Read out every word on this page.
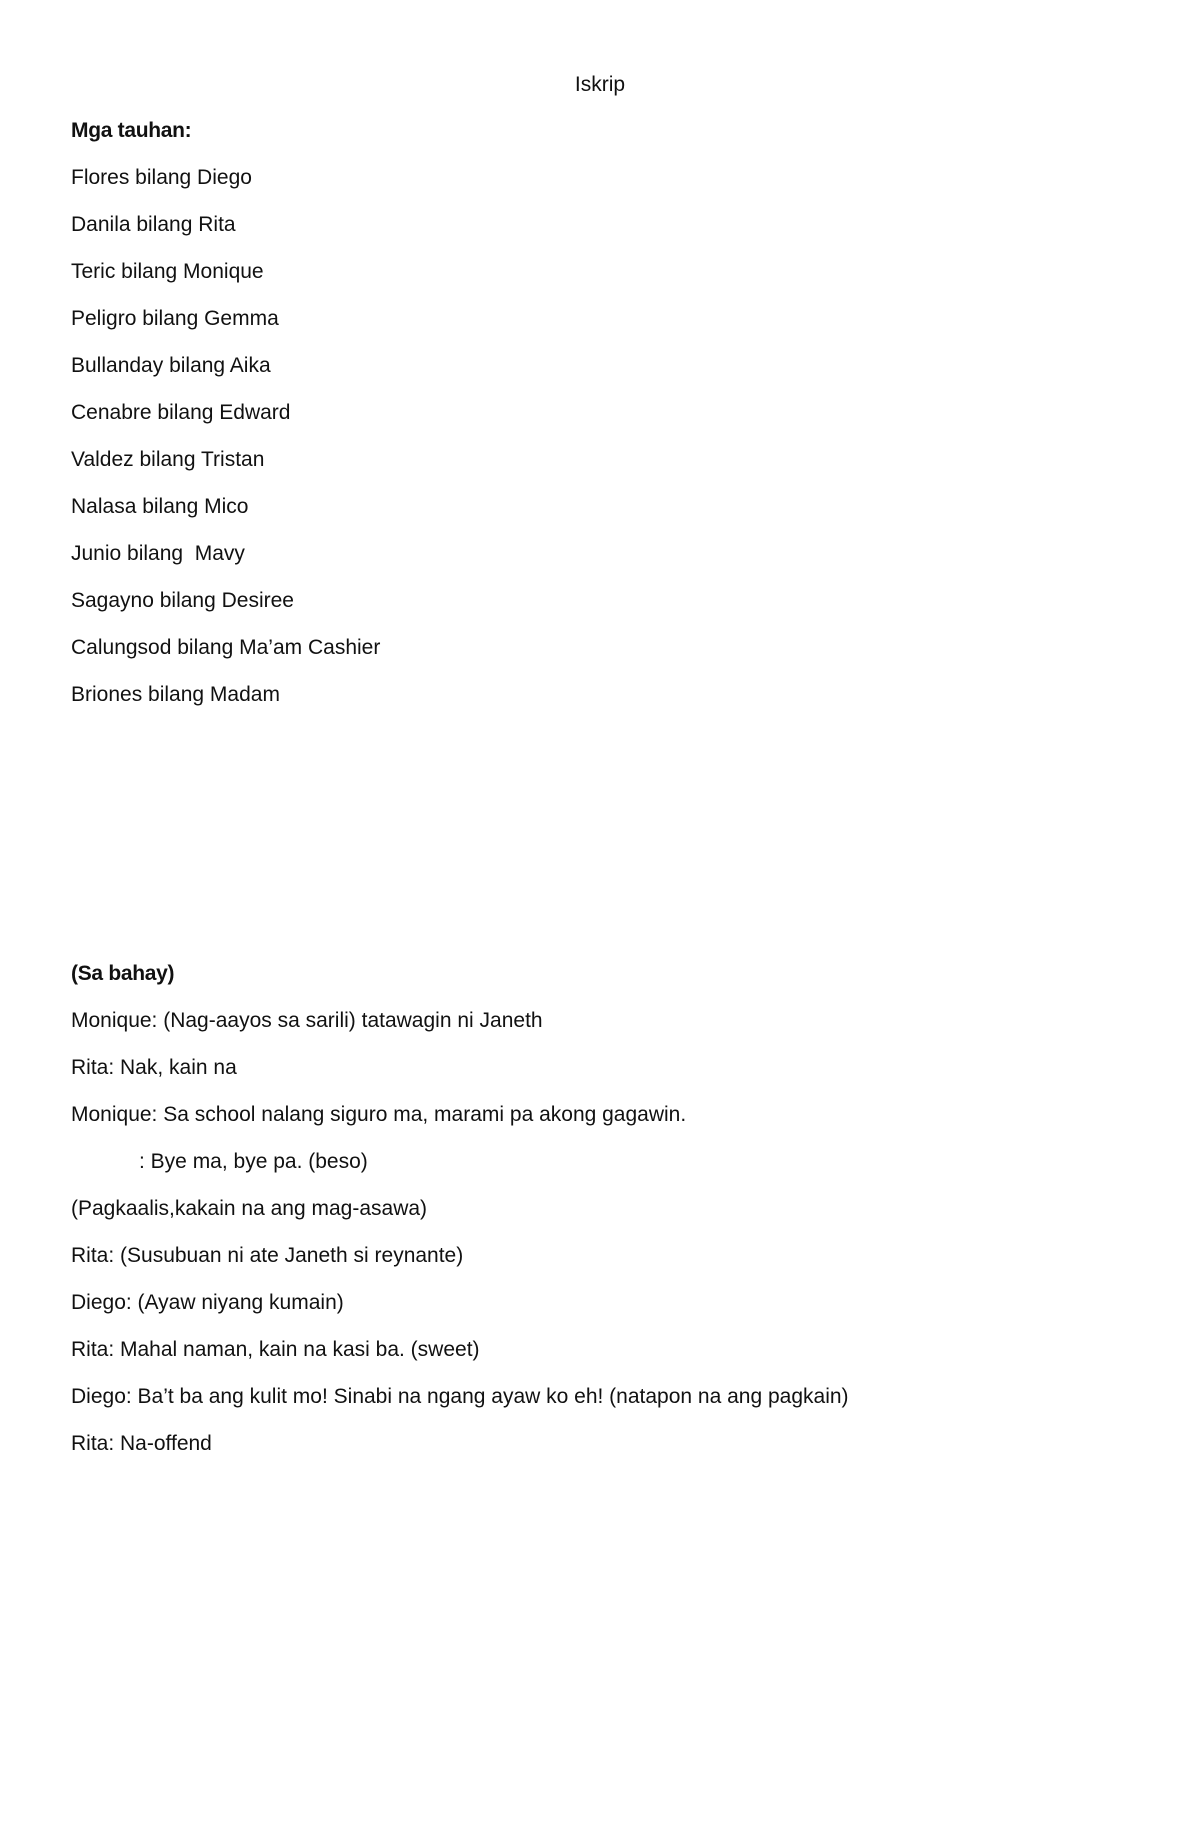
Iskrip
Mga tauhan:
Flores bilang Diego
Danila bilang Rita
Teric bilang Monique
Peligro bilang Gemma
Bullanday bilang Aika
Cenabre bilang Edward
Valdez bilang Tristan
Nalasa bilang Mico
Junio bilang  Mavy
Sagayno bilang Desiree
Calungsod bilang Ma’am Cashier
Briones bilang Madam
(Sa bahay)
Monique: (Nag-aayos sa sarili) tatawagin ni Janeth
Rita: Nak, kain na
Monique: Sa school nalang siguro ma, marami pa akong gagawin.
: Bye ma, bye pa. (beso)
(Pagkaalis,kakain na ang mag-asawa)
Rita: (Susubuan ni ate Janeth si reynante)
Diego: (Ayaw niyang kumain)
Rita: Mahal naman, kain na kasi ba. (sweet)
Diego: Ba’t ba ang kulit mo! Sinabi na ngang ayaw ko eh! (natapon na ang pagkain)
Rita: Na-offend
